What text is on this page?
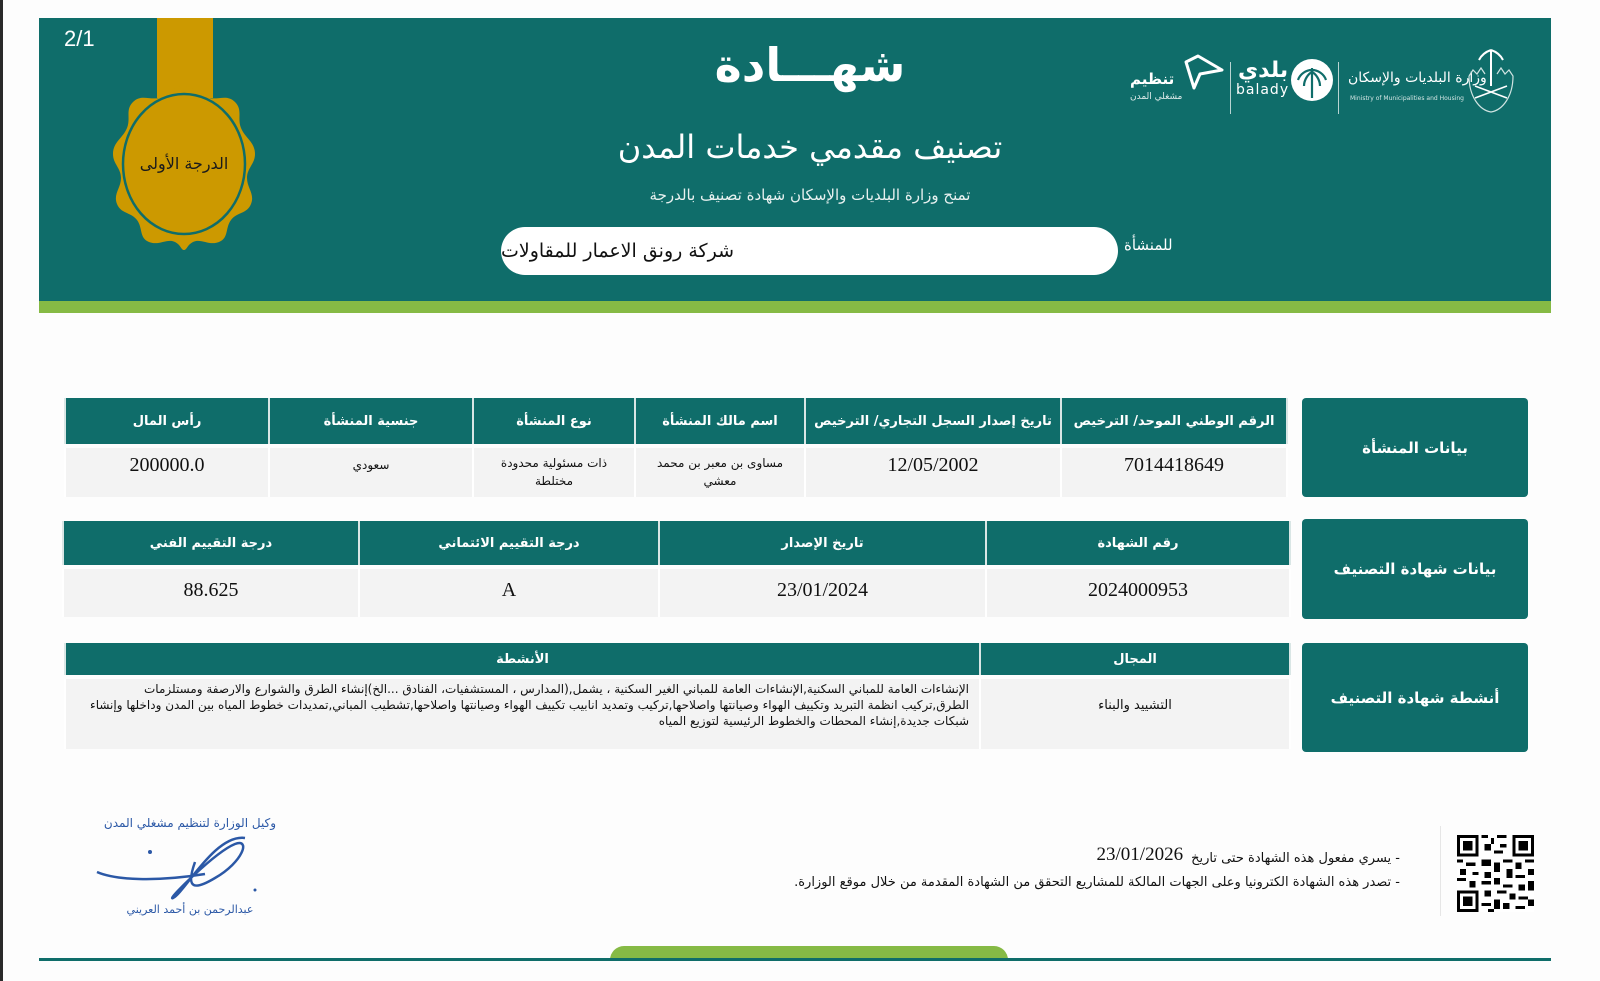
2/1
الدرجة الأولى
شهـــادة
تصنيف مقدمي خدمات المدن
تمنح وزارة البلديات والإسكان شهادة تصنيف بالدرجة
شركة رونق الاعمار للمقاولات	للمنشأة
تنظيم
مشغلي المدن
بلدي
balady
وزارة البلديات والإسكان
Ministry of Municipalities and Housing
بيانات المنشأة
الرقم الوطني الموحد/ الترخيص	تاريخ إصدار السجل التجاري/ الترخيص	اسم مالك المنشأة	نوع المنشأة	جنسية المنشأة	رأس المال
7014418649	12/05/2002	مساوى بن معبر بن محمد معشي	ذات مسئولية محدودة مختلطة	سعودي	200000.0
بيانات شهادة التصنيف
رقم الشهادة	تاريخ الإصدار	درجة التقييم الائتماني	درجة التقييم الفني
2024000953	23/01/2024	A	88.625
أنشطة شهادة التصنيف
المجال	الأنشطة
التشييد والبناء	الإنشاءات العامة للمباني السكنية,الإنشاءات العامة للمباني الغير السكنية ، يشمل,(المدارس ، المستشفيات، الفنادق ...الخ)إنشاء الطرق والشوارع والارصفة ومستلزمات الطرق,تركيب انظمة التبريد وتكييف الهواء وصيانتها واصلاحها,تركيب وتمديد انابيب تكييف الهواء وصيانتها واصلاحها,تشطيب المباني,تمديدات خطوط المياه بين المدن وداخلها وإنشاء شبكات جديدة,إنشاء المحطات والخطوط الرئيسية لتوزيع المياه
- يسري مفعول هذه الشهادة حتى تاريخ
23/01/2026
- تصدر هذه الشهادة الكترونيا وعلى الجهات المالكة للمشاريع التحقق من الشهادة المقدمة من خلال موقع الوزارة.
وكيل الوزارة لتنظيم مشغلي المدن
عبدالرحمن بن أحمد العريني
